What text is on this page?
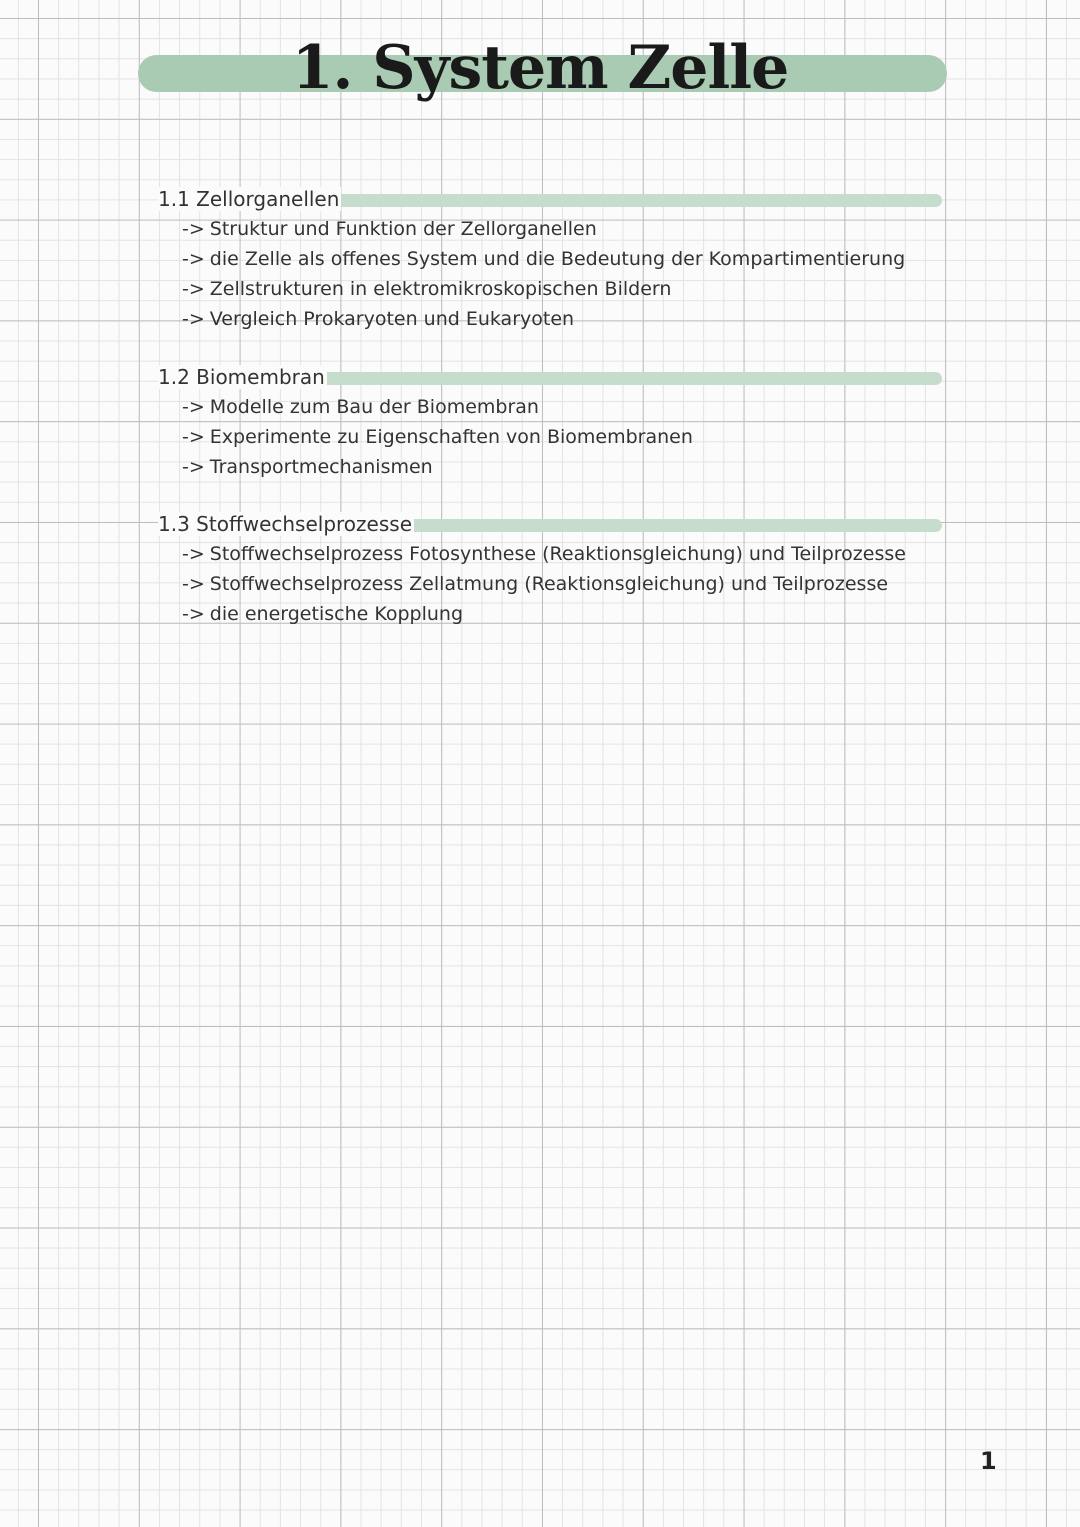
1. System Zelle
1.1 Zellorganellen
-> Struktur und Funktion der Zellorganellen
-> die Zelle als offenes System und die Bedeutung der Kompartimentierung
-> Zellstrukturen in elektromikroskopischen Bildern
-> Vergleich Prokaryoten und Eukaryoten
1.2 Biomembran
-> Modelle zum Bau der Biomembran
-> Experimente zu Eigenschaften von Biomembranen
-> Transportmechanismen
1.3 Stoffwechselprozesse
-> Stoffwechselprozess Fotosynthese (Reaktionsgleichung) und Teilprozesse
-> Stoffwechselprozess Zellatmung (Reaktionsgleichung) und Teilprozesse
-> die energetische Kopplung
1
